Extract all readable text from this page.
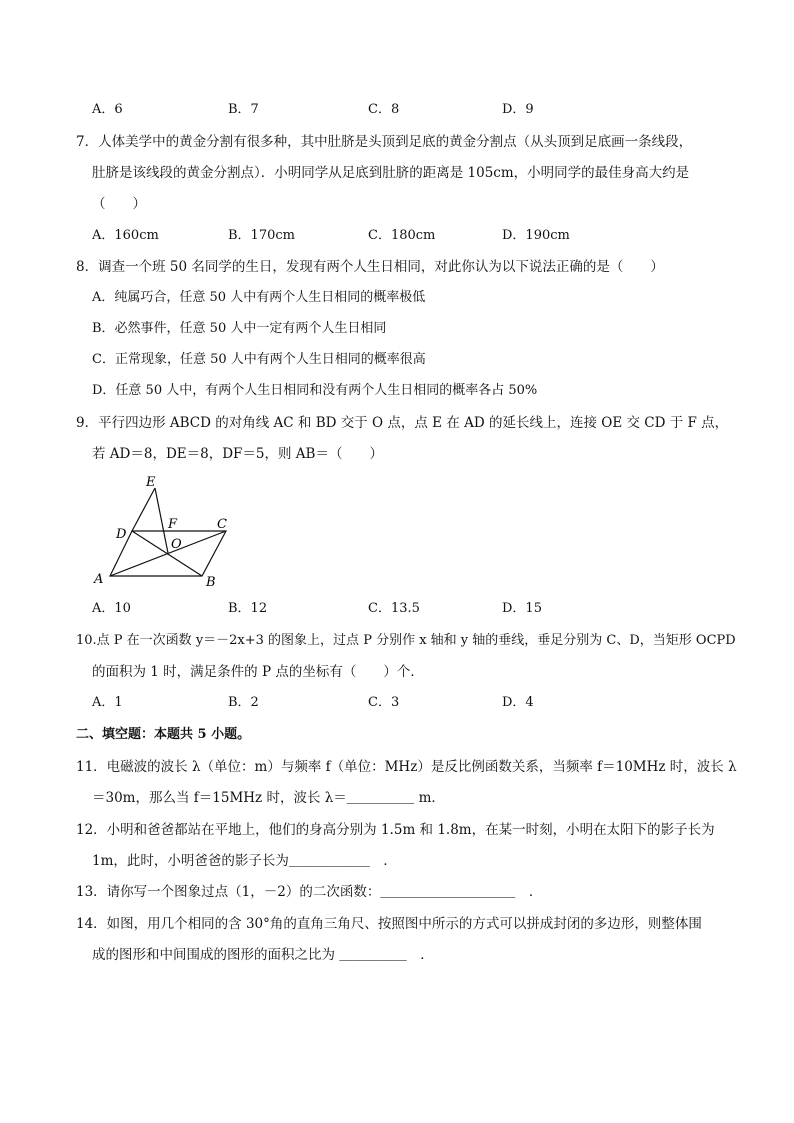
A．6	B．7	C．8	D．9
7．人体美学中的黄金分割有很多种，其中肚脐是头顶到足底的黄金分割点（从头顶到足底画一条线段，
肚脐是该线段的黄金分割点）．小明同学从足底到肚脐的距离是 105cm，小明同学的最佳身高大约是
（　　）
A．160cm	B．170cm	C．180cm	D．190cm
8．调查一个班 50 名同学的生日，发现有两个人生日相同，对此你认为以下说法正确的是（　　）
A．纯属巧合，任意 50 人中有两个人生日相同的概率极低
B．必然事件，任意 50 人中一定有两个人生日相同
C．正常现象，任意 50 人中有两个人生日相同的概率很高
D．任意 50 人中，有两个人生日相同和没有两个人生日相同的概率各占 50%
9．平行四边形 ABCD 的对角线 AC 和 BD 交于 O 点，点 E 在 AD 的延长线上，连接 OE 交 CD 于 F 点，
若 AD＝8，DE＝8，DF＝5，则 AB＝（　　）
E
F	C
D
O
A	B
A．10	B．12	C．13.5	D．15
10.点 P 在一次函数 y＝－2x+3 的图象上，过点 P 分别作 x 轴和 y 轴的垂线，垂足分别为 C、D，当矩形 OCPD
的面积为 1 时，满足条件的 P 点的坐标有（　　）个．
A．1	B．2	C．3	D．4
二、填空题：本题共 5 小题。
11．电磁波的波长 λ（单位：m）与频率 f（单位：MHz）是反比例函数关系，当频率 f＝10MHz 时，波长 λ
＝30m，那么当 f＝15MHz 时，波长 λ＝＿＿＿＿＿ m．
12．小明和爸爸都站在平地上，他们的身高分别为 1.5m 和 1.8m，在某一时刻，小明在太阳下的影子长为
1m，此时，小明爸爸的影子长为＿＿＿＿＿＿　．
13．请你写一个图象过点（1，－2）的二次函数：＿＿＿＿＿＿＿＿＿＿　．
14．如图，用几个相同的含 30°角的直角三角尺、按照图中所示的方式可以拼成封闭的多边形，则整体围
成的图形和中间围成的图形的面积之比为 ＿＿＿＿＿　．
